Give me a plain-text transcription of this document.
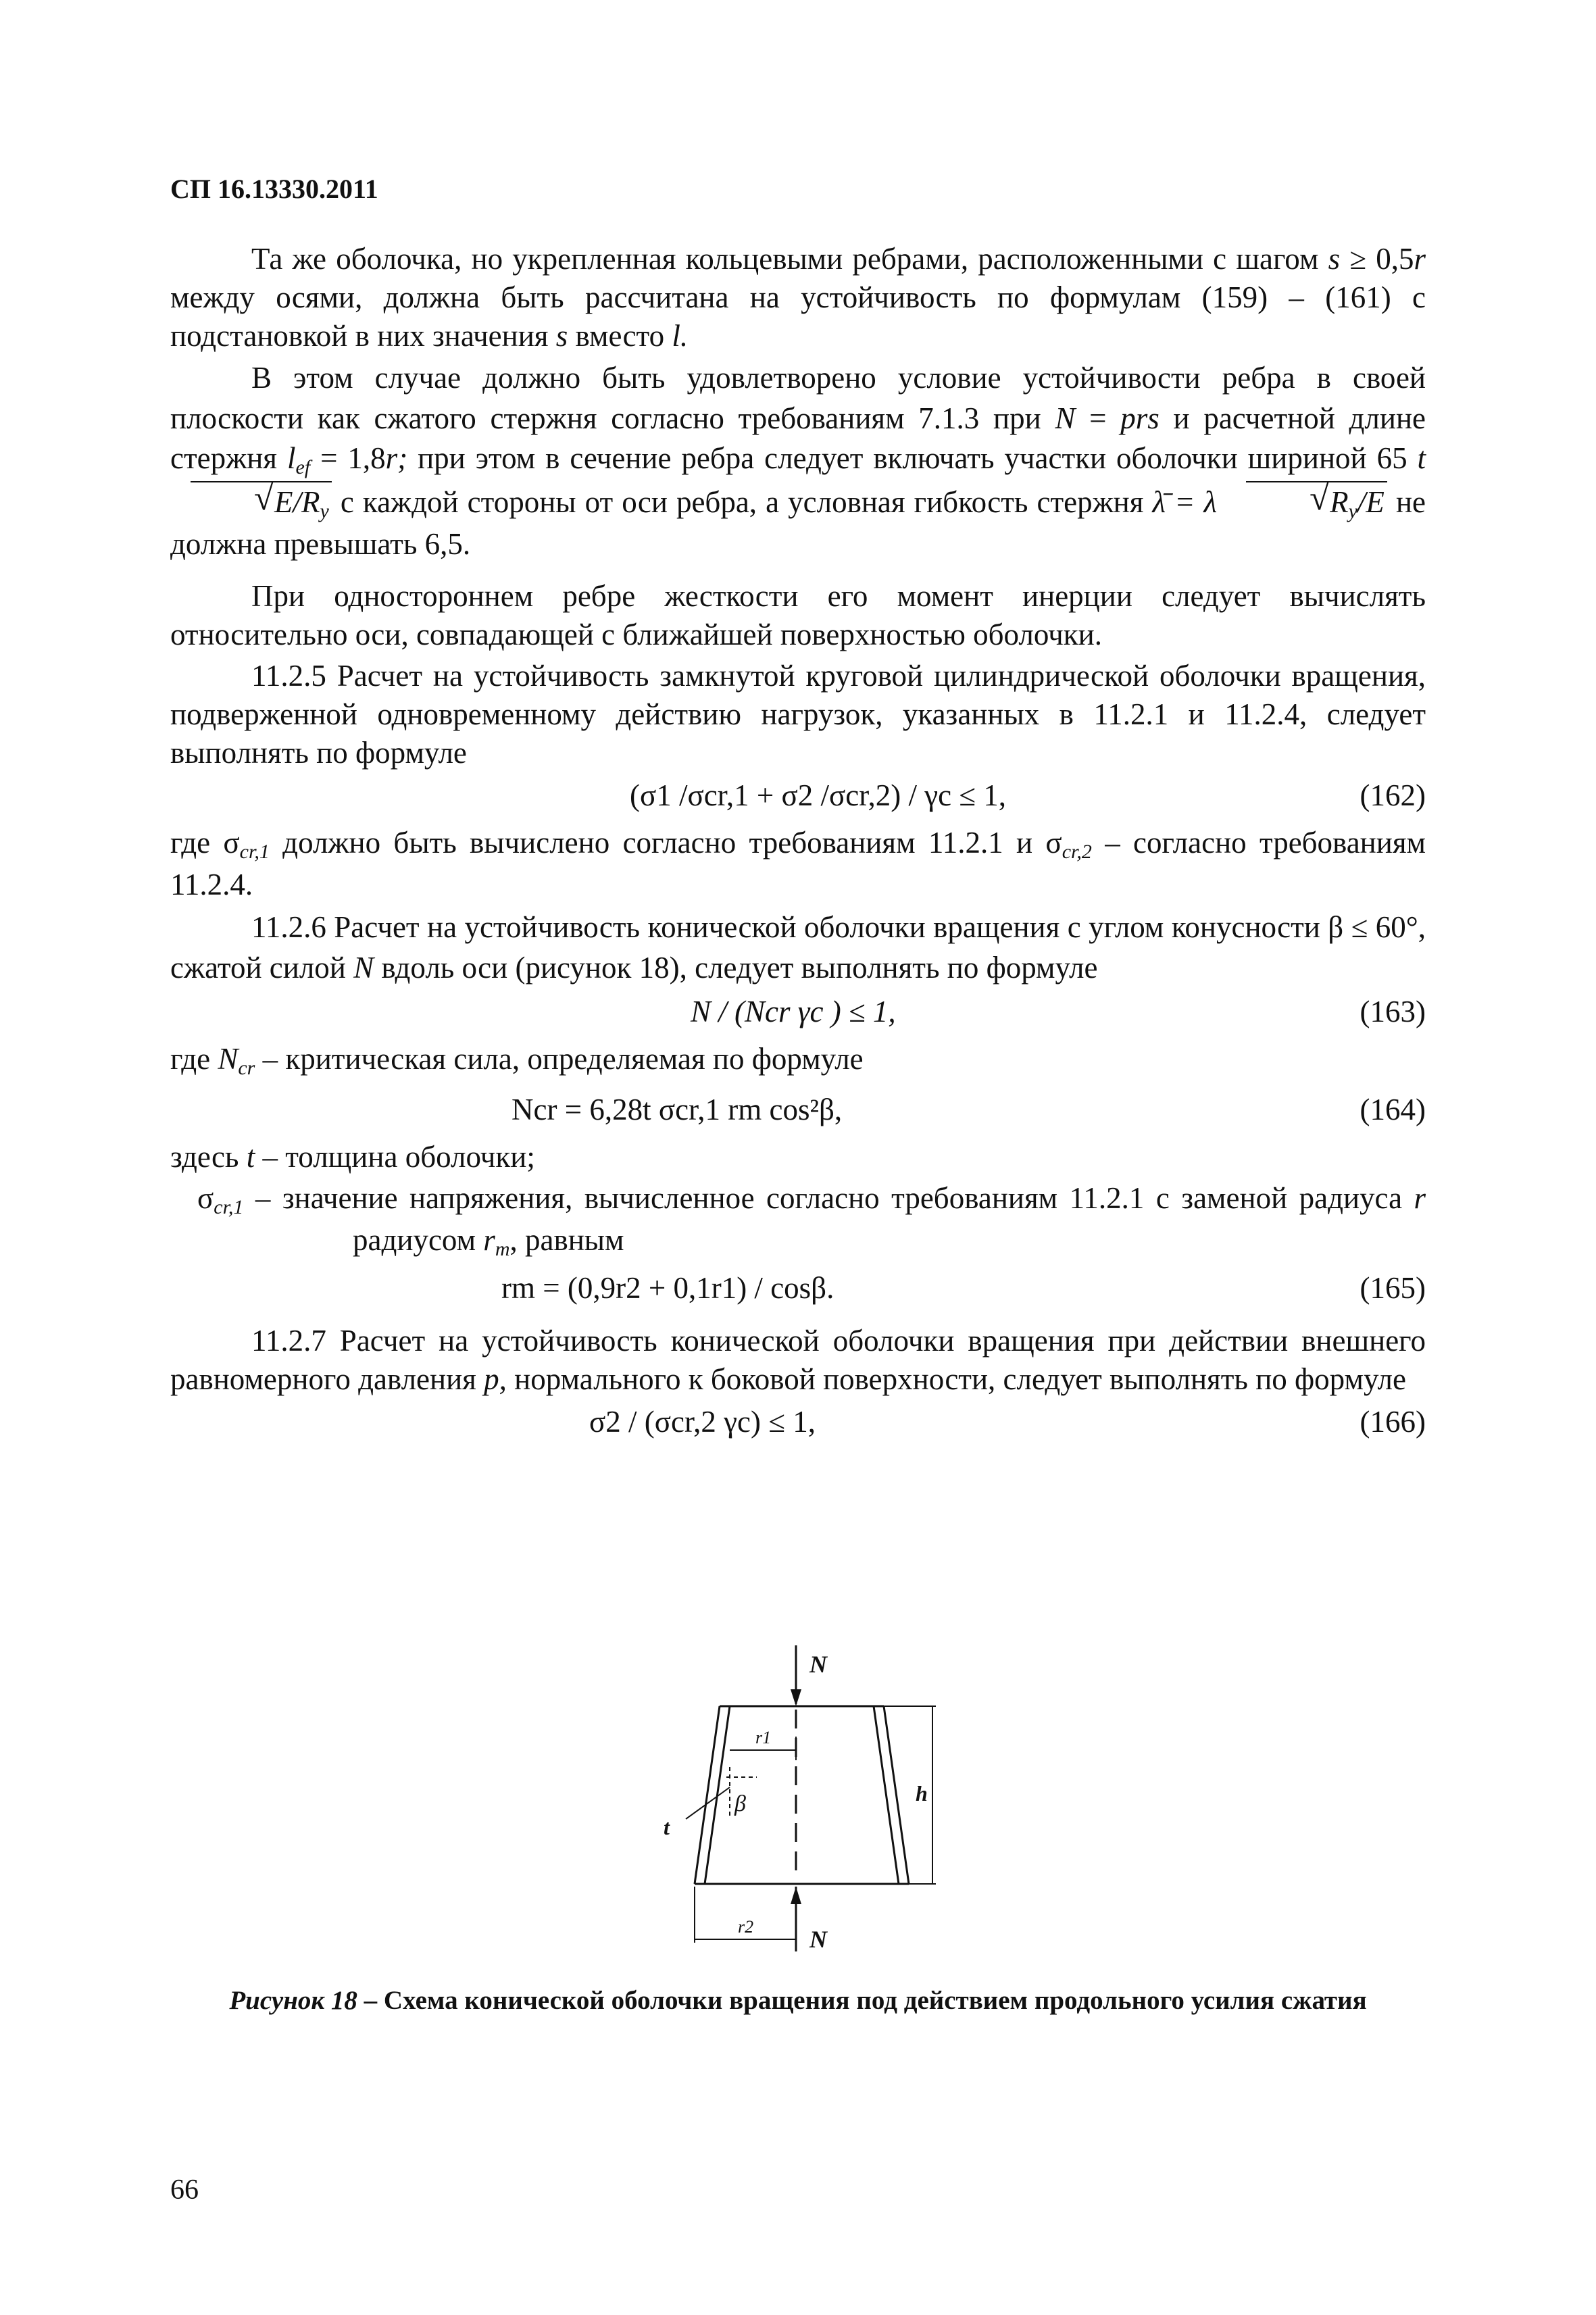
СП 16.13330.2011

Та же оболочка, но укрепленная кольцевыми ребрами, расположенными с шагом s ≥ 0,5r между осями, должна быть рассчитана на устойчивость по формулам (159) – (161) с подстановкой в них значения s вместо l.

В этом случае должно быть удовлетворено условие устойчивости ребра в своей плоскости как сжатого стержня согласно требованиям 7.1.3 при N = prs и расчетной длине стержня $l_{ef} = 1,8r$; при этом в сечение ребра следует включать участки оболочки шириной 65 t √ $E/R_y$ с каждой стороны от оси ребра, а условная гибкость стержня λ̄ = λ √	$R_y/E$ не должна превышать 6,5.

При одностороннем ребре жесткости его момент инерции следует вычислять относительно оси, совпадающей с ближайшей поверхностью оболочки.

11.2.5 Расчет на устойчивость замкнутой круговой цилиндрической оболочки вращения, подверженной одновременному действию нагрузок, указанных в 11.2.1 и 11.2.4, следует выполнять по формуле

(σ1 /σcr,1 + σ2 /σcr,2) / γc ≤ 1,	(162)

где $\sigma_{cr,1}$ должно быть вычислено согласно требованиям 11.2.1 и $\sigma_{cr,2}$ – согласно требованиям 11.2.4.

11.2.6 Расчет на устойчивость конической оболочки вращения с углом конусности β ≤ 60°, сжатой силой N вдоль оси (рисунок 18), следует выполнять по формуле

N / (Ncr γc ) ≤ 1,	(163)

где $N_{cr}$ – критическая сила, определяемая по формуле

Ncr = 6,28t σcr,1 rm cos²β,	(164)

здесь t – толщина оболочки;

$\sigma_{cr,1}$ – значение напряжения, вычисленное согласно требованиям 11.2.1 с заменой радиуса r радиусом $r_m$, равным

rm = (0,9r2 + 0,1r1) / cosβ.	(165)

11.2.7 Расчет на устойчивость конической оболочки вращения при действии внешнего равномерного давления p, нормального к боковой поверхности, следует выполнять по формуле

σ2 / (σcr,2 γc) ≤ 1,	(166)
N
r1
β
t
h
r2 N
Рисунок 18 – Схема конической оболочки вращения под действием продольного усилия сжатия
66
